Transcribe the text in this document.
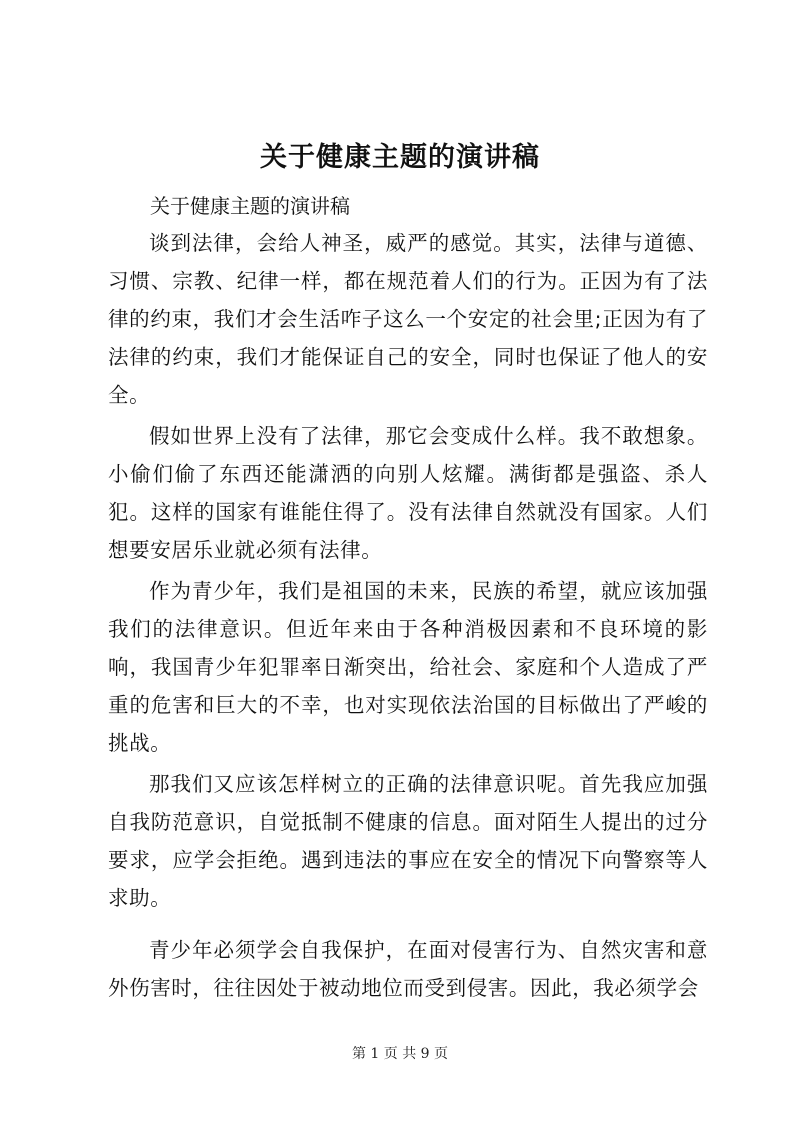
关于健康主题的演讲稿

关于健康主题的演讲稿

谈到法律，会给人神圣，威严的感觉。其实，法律与道德、习惯、宗教、纪律一样，都在规范着人们的行为。正因为有了法律的约束，我们才会生活咋子这么一个安定的社会里;正因为有了法律的约束，我们才能保证自己的安全，同时也保证了他人的安全。

假如世界上没有了法律，那它会变成什么样。我不敢想象。小偷们偷了东西还能潇洒的向别人炫耀。满街都是强盗、杀人犯。这样的国家有谁能住得了。没有法律自然就没有国家。人们想要安居乐业就必须有法律。

作为青少年，我们是祖国的未来，民族的希望，就应该加强我们的法律意识。但近年来由于各种消极因素和不良环境的影响，我国青少年犯罪率日渐突出，给社会、家庭和个人造成了严重的危害和巨大的不幸，也对实现依法治国的目标做出了严峻的挑战。

那我们又应该怎样树立的正确的法律意识呢。首先我应加强自我防范意识，自觉抵制不健康的信息。面对陌生人提出的过分要求，应学会拒绝。遇到违法的事应在安全的情况下向警察等人求助。

青少年必须学会自我保护，在面对侵害行为、自然灾害和意外伤害时，往往因处于被动地位而受到侵害。因此，我必须学会

第 1 页 共 9 页
